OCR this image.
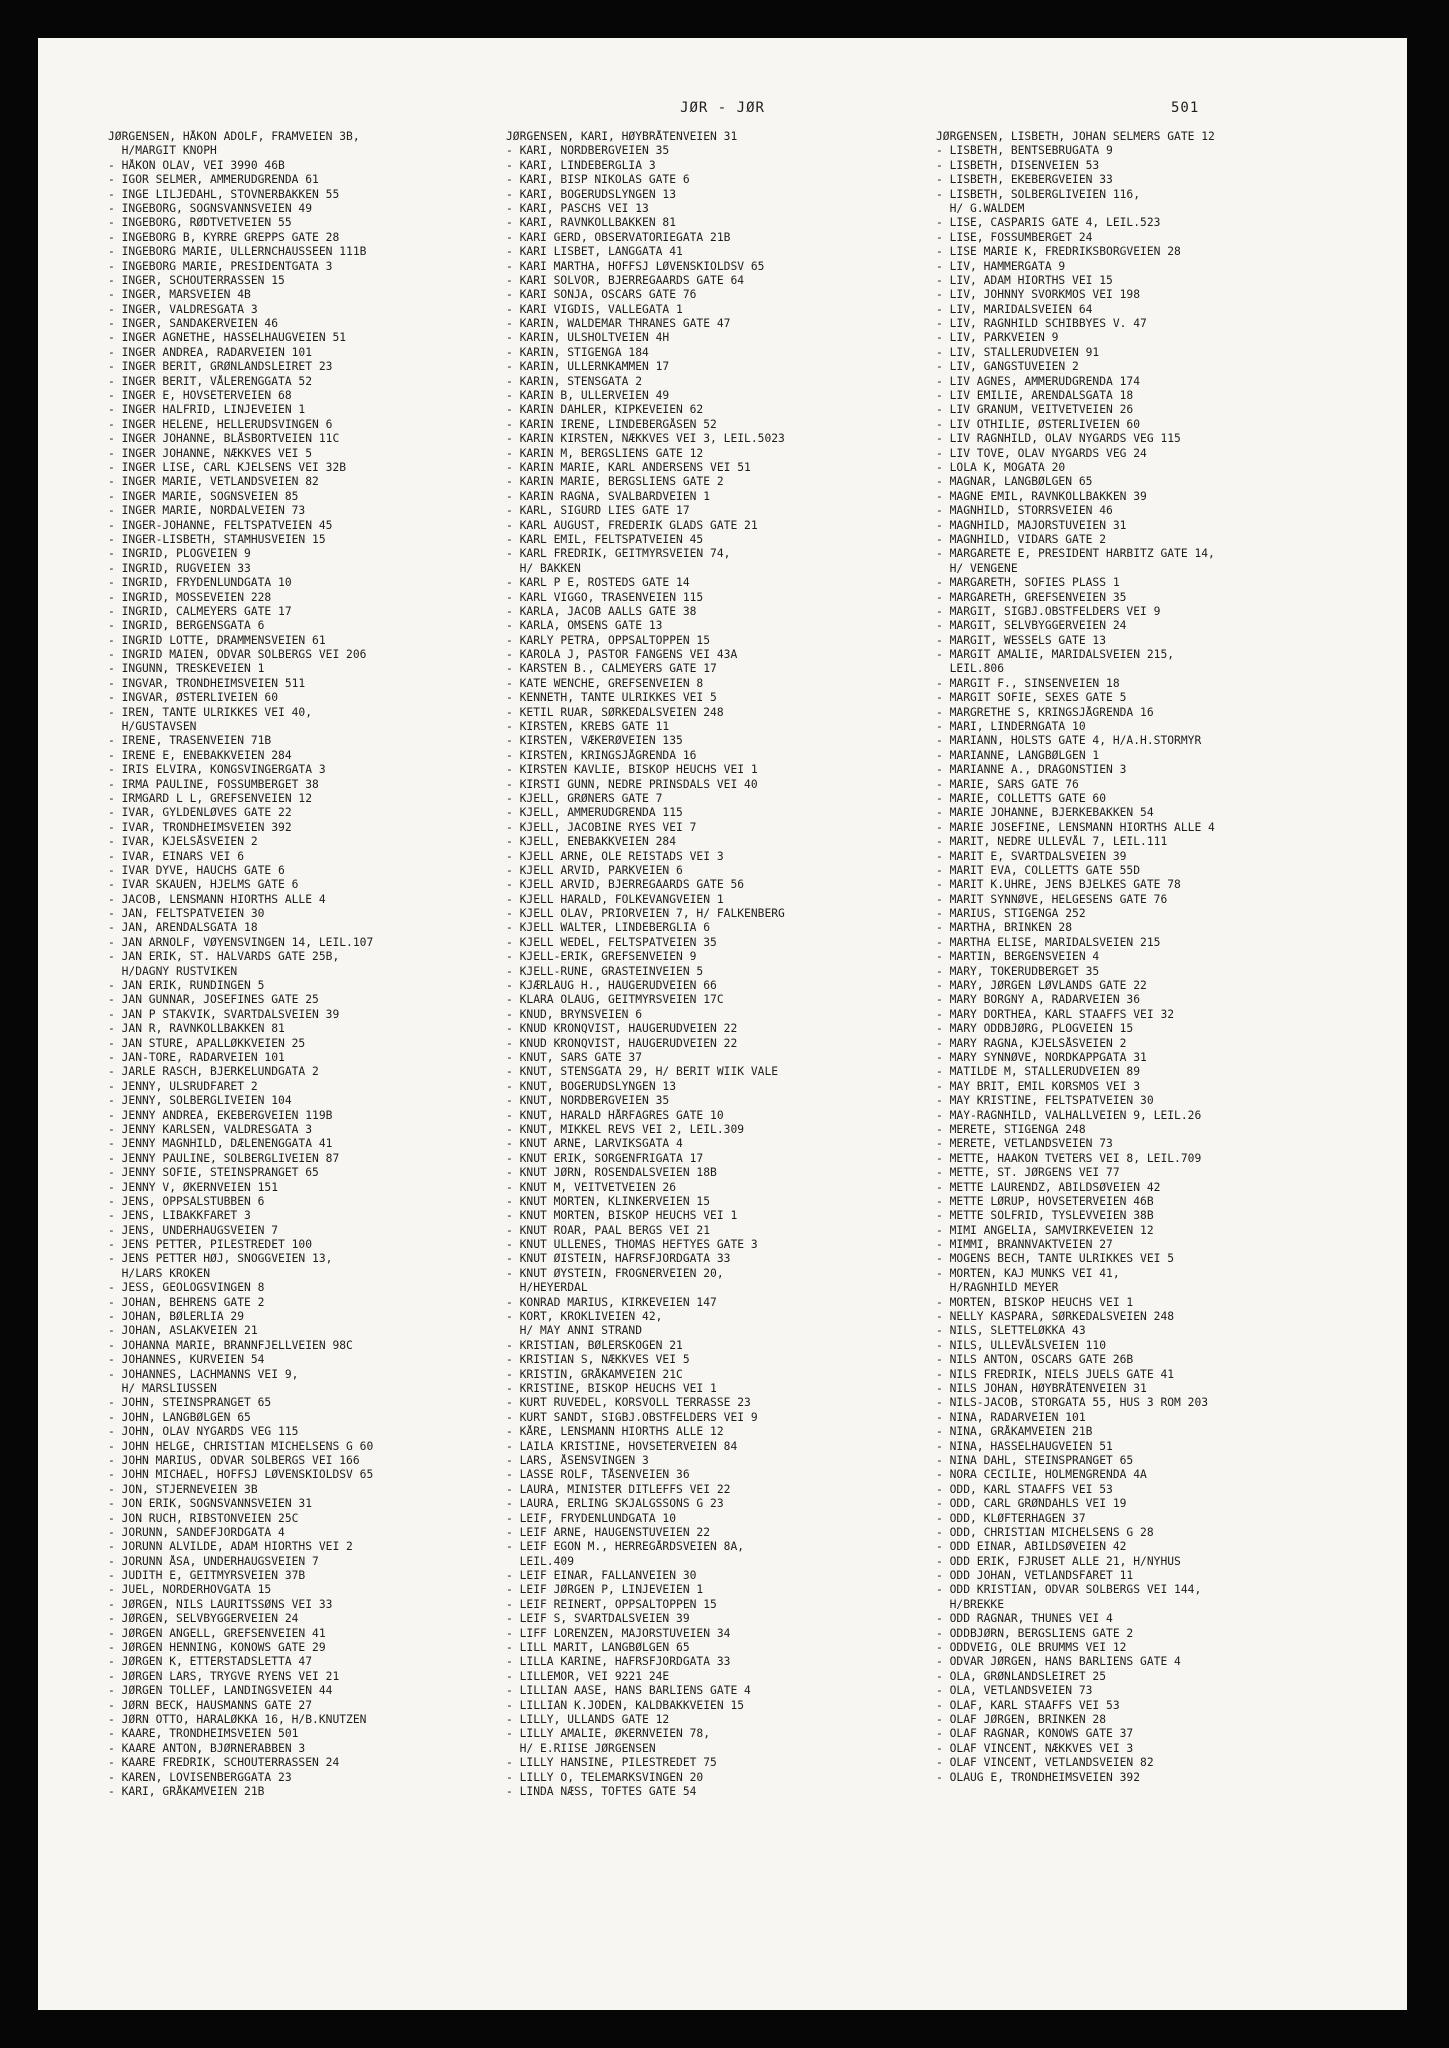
JØR - JØR	501
JØRGENSEN, HÅKON ADOLF, FRAMVEIEN 3B,
H/MARGIT KNOPH
- HÅKON OLAV, VEI 3990 46B
- IGOR SELMER, AMMERUDGRENDA 61
- INGE LILJEDAHL, STOVNERBAKKEN 55
- INGEBORG, SOGNSVANNSVEIEN 49
- INGEBORG, RØDTVETVEIEN 55
- INGEBORG B, KYRRE GREPPS GATE 28
- INGEBORG MARIE, ULLERNCHAUSSEEN 111B
- INGEBORG MARIE, PRESIDENTGATA 3
- INGER, SCHOUTERRASSEN 15
- INGER, MARSVEIEN 4B
- INGER, VALDRESGATA 3
- INGER, SANDAKERVEIEN 46
- INGER AGNETHE, HASSELHAUGVEIEN 51
- INGER ANDREA, RADARVEIEN 101
- INGER BERIT, GRØNLANDSLEIRET 23
- INGER BERIT, VÅLERENGGATA 52
- INGER E, HOVSETERVEIEN 68
- INGER HALFRID, LINJEVEIEN 1
- INGER HELENE, HELLERUDSVINGEN 6
- INGER JOHANNE, BLÅSBORTVEIEN 11C
- INGER JOHANNE, NÆKKVES VEI 5
- INGER LISE, CARL KJELSENS VEI 32B
- INGER MARIE, VETLANDSVEIEN 82
- INGER MARIE, SOGNSVEIEN 85
- INGER MARIE, NORDALVEIEN 73
- INGER-JOHANNE, FELTSPATVEIEN 45
- INGER-LISBETH, STAMHUSVEIEN 15
- INGRID, PLOGVEIEN 9
- INGRID, RUGVEIEN 33
- INGRID, FRYDENLUNDGATA 10
- INGRID, MOSSEVEIEN 228
- INGRID, CALMEYERS GATE 17
- INGRID, BERGENSGATA 6
- INGRID LOTTE, DRAMMENSVEIEN 61
- INGRID MAIEN, ODVAR SOLBERGS VEI 206
- INGUNN, TRESKEVEIEN 1
- INGVAR, TRONDHEIMSVEIEN 511
- INGVAR, ØSTERLIVEIEN 60
- IREN, TANTE ULRIKKES VEI 40,
H/GUSTAVSEN
- IRENE, TRASENVEIEN 71B
- IRENE E, ENEBAKKVEIEN 284
- IRIS ELVIRA, KONGSVINGERGATA 3
- IRMA PAULINE, FOSSUMBERGET 38
- IRMGARD L L, GREFSENVEIEN 12
- IVAR, GYLDENLØVES GATE 22
- IVAR, TRONDHEIMSVEIEN 392
- IVAR, KJELSÅSVEIEN 2
- IVAR, EINARS VEI 6
- IVAR DYVE, HAUCHS GATE 6
- IVAR SKAUEN, HJELMS GATE 6
- JACOB, LENSMANN HIORTHS ALLE 4
- JAN, FELTSPATVEIEN 30
- JAN, ARENDALSGATA 18
- JAN ARNOLF, VØYENSVINGEN 14, LEIL.107
- JAN ERIK, ST. HALVARDS GATE 25B,
H/DAGNY RUSTVIKEN
- JAN ERIK, RUNDINGEN 5
- JAN GUNNAR, JOSEFINES GATE 25
- JAN P STAKVIK, SVARTDALSVEIEN 39
- JAN R, RAVNKOLLBAKKEN 81
- JAN STURE, APALLØKKVEIEN 25
- JAN-TORE, RADARVEIEN 101
- JARLE RASCH, BJERKELUNDGATA 2
- JENNY, ULSRUDFARET 2
- JENNY, SOLBERGLIVEIEN 104
- JENNY ANDREA, EKEBERGVEIEN 119B
- JENNY KARLSEN, VALDRESGATA 3
- JENNY MAGNHILD, DÆLENENGGATA 41
- JENNY PAULINE, SOLBERGLIVEIEN 87
- JENNY SOFIE, STEINSPRANGET 65
- JENNY V, ØKERNVEIEN 151
- JENS, OPPSALSTUBBEN 6
- JENS, LIBAKKFARET 3
- JENS, UNDERHAUGSVEIEN 7
- JENS PETTER, PILESTREDET 100
- JENS PETTER HØJ, SNOGGVEIEN 13,
H/LARS KROKEN
- JESS, GEOLOGSVINGEN 8
- JOHAN, BEHRENS GATE 2
- JOHAN, BØLERLIA 29
- JOHAN, ASLAKVEIEN 21
- JOHANNA MARIE, BRANNFJELLVEIEN 98C
- JOHANNES, KURVEIEN 54
- JOHANNES, LACHMANNS VEI 9,
H/ MARSLIUSSEN
- JOHN, STEINSPRANGET 65
- JOHN, LANGBØLGEN 65
- JOHN, OLAV NYGARDS VEG 115
- JOHN HELGE, CHRISTIAN MICHELSENS G 60
- JOHN MARIUS, ODVAR SOLBERGS VEI 166
- JOHN MICHAEL, HOFFSJ LØVENSKIOLDSV 65
- JON, STJERNEVEIEN 3B
- JON ERIK, SOGNSVANNSVEIEN 31
- JON RUCH, RIBSTONVEIEN 25C
- JORUNN, SANDEFJORDGATA 4
- JORUNN ALVILDE, ADAM HIORTHS VEI 2
- JORUNN ÅSA, UNDERHAUGSVEIEN 7
- JUDITH E, GEITMYRSVEIEN 37B
- JUEL, NORDERHOVGATA 15
- JØRGEN, NILS LAURITSSØNS VEI 33
- JØRGEN, SELVBYGGERVEIEN 24
- JØRGEN ANGELL, GREFSENVEIEN 41
- JØRGEN HENNING, KONOWS GATE 29
- JØRGEN K, ETTERSTADSLETTA 47
- JØRGEN LARS, TRYGVE RYENS VEI 21
- JØRGEN TOLLEF, LANDINGSVEIEN 44
- JØRN BECK, HAUSMANNS GATE 27
- JØRN OTTO, HARALØKKA 16, H/B.KNUTZEN
- KAARE, TRONDHEIMSVEIEN 501
- KAARE ANTON, BJØRNERABBEN 3
- KAARE FREDRIK, SCHOUTERRASSEN 24
- KAREN, LOVISENBERGGATA 23
- KARI, GRÅKAMVEIEN 21B
JØRGENSEN, KARI, HØYBRÅTENVEIEN 31
- KARI, NORDBERGVEIEN 35
- KARI, LINDEBERGLIA 3
- KARI, BISP NIKOLAS GATE 6
- KARI, BOGERUDSLYNGEN 13
- KARI, PASCHS VEI 13
- KARI, RAVNKOLLBAKKEN 81
- KARI GERD, OBSERVATORIEGATA 21B
- KARI LISBET, LANGGATA 41
- KARI MARTHA, HOFFSJ LØVENSKIOLDSV 65
- KARI SOLVOR, BJERREGAARDS GATE 64
- KARI SONJA, OSCARS GATE 76
- KARI VIGDIS, VALLEGATA 1
- KARIN, WALDEMAR THRANES GATE 47
- KARIN, ULSHOLTVEIEN 4H
- KARIN, STIGENGA 184
- KARIN, ULLERNKAMMEN 17
- KARIN, STENSGATA 2
- KARIN B, ULLERVEIEN 49
- KARIN DAHLER, KIPKEVEIEN 62
- KARIN IRENE, LINDEBERGÅSEN 52
- KARIN KIRSTEN, NÆKKVES VEI 3, LEIL.5023
- KARIN M, BERGSLIENS GATE 12
- KARIN MARIE, KARL ANDERSENS VEI 51
- KARIN MARIE, BERGSLIENS GATE 2
- KARIN RAGNA, SVALBARDVEIEN 1
- KARL, SIGURD LIES GATE 17
- KARL AUGUST, FREDERIK GLADS GATE 21
- KARL EMIL, FELTSPATVEIEN 45
- KARL FREDRIK, GEITMYRSVEIEN 74,
H/ BAKKEN
- KARL P E, ROSTEDS GATE 14
- KARL VIGGO, TRASENVEIEN 115
- KARLA, JACOB AALLS GATE 38
- KARLA, OMSENS GATE 13
- KARLY PETRA, OPPSALTOPPEN 15
- KAROLA J, PASTOR FANGENS VEI 43A
- KARSTEN B., CALMEYERS GATE 17
- KATE WENCHE, GREFSENVEIEN 8
- KENNETH, TANTE ULRIKKES VEI 5
- KETIL RUAR, SØRKEDALSVEIEN 248
- KIRSTEN, KREBS GATE 11
- KIRSTEN, VÆKERØVEIEN 135
- KIRSTEN, KRINGSJÅGRENDA 16
- KIRSTEN KAVLIE, BISKOP HEUCHS VEI 1
- KIRSTI GUNN, NEDRE PRINSDALS VEI 40
- KJELL, GRØNERS GATE 7
- KJELL, AMMERUDGRENDA 115
- KJELL, JACOBINE RYES VEI 7
- KJELL, ENEBAKKVEIEN 284
- KJELL ARNE, OLE REISTADS VEI 3
- KJELL ARVID, PARKVEIEN 6
- KJELL ARVID, BJERREGAARDS GATE 56
- KJELL HARALD, FOLKEVANGVEIEN 1
- KJELL OLAV, PRIORVEIEN 7, H/ FALKENBERG
- KJELL WALTER, LINDEBERGLIA 6
- KJELL WEDEL, FELTSPATVEIEN 35
- KJELL-ERIK, GREFSENVEIEN 9
- KJELL-RUNE, GRASTEINVEIEN 5
- KJÆRLAUG H., HAUGERUDVEIEN 66
- KLARA OLAUG, GEITMYRSVEIEN 17C
- KNUD, BRYNSVEIEN 6
- KNUD KRONQVIST, HAUGERUDVEIEN 22
- KNUD KRONQVIST, HAUGERUDVEIEN 22
- KNUT, SARS GATE 37
- KNUT, STENSGATA 29, H/ BERIT WIIK VALE
- KNUT, BOGERUDSLYNGEN 13
- KNUT, NORDBERGVEIEN 35
- KNUT, HARALD HÅRFAGRES GATE 10
- KNUT, MIKKEL REVS VEI 2, LEIL.309
- KNUT ARNE, LARVIKSGATA 4
- KNUT ERIK, SORGENFRIGATA 17
- KNUT JØRN, ROSENDALSVEIEN 18B
- KNUT M, VEITVETVEIEN 26
- KNUT MORTEN, KLINKERVEIEN 15
- KNUT MORTEN, BISKOP HEUCHS VEI 1
- KNUT ROAR, PAAL BERGS VEI 21
- KNUT ULLENES, THOMAS HEFTYES GATE 3
- KNUT ØISTEIN, HAFRSFJORDGATA 33
- KNUT ØYSTEIN, FROGNERVEIEN 20,
H/HEYERDAL
- KONRAD MARIUS, KIRKEVEIEN 147
- KORT, KROKLIVEIEN 42,
H/ MAY ANNI STRAND
- KRISTIAN, BØLERSKOGEN 21
- KRISTIAN S, NÆKKVES VEI 5
- KRISTIN, GRÅKAMVEIEN 21C
- KRISTINE, BISKOP HEUCHS VEI 1
- KURT RUVEDEL, KORSVOLL TERRASSE 23
- KURT SANDT, SIGBJ.OBSTFELDERS VEI 9
- KÅRE, LENSMANN HIORTHS ALLE 12
- LAILA KRISTINE, HOVSETERVEIEN 84
- LARS, ÅSENSVINGEN 3
- LASSE ROLF, TÅSENVEIEN 36
- LAURA, MINISTER DITLEFFS VEI 22
- LAURA, ERLING SKJALGSSONS G 23
- LEIF, FRYDENLUNDGATA 10
- LEIF ARNE, HAUGENSTUVEIEN 22
- LEIF EGON M., HERREGÅRDSVEIEN 8A,
LEIL.409
- LEIF EINAR, FALLANVEIEN 30
- LEIF JØRGEN P, LINJEVEIEN 1
- LEIF REINERT, OPPSALTOPPEN 15
- LEIF S, SVARTDALSVEIEN 39
- LIFF LORENZEN, MAJORSTUVEIEN 34
- LILL MARIT, LANGBØLGEN 65
- LILLA KARINE, HAFRSFJORDGATA 33
- LILLEMOR, VEI 9221 24E
- LILLIAN AASE, HANS BARLIENS GATE 4
- LILLIAN K.JODEN, KALDBAKKVEIEN 15
- LILLY, ULLANDS GATE 12
- LILLY AMALIE, ØKERNVEIEN 78,
H/ E.RIISE JØRGENSEN
- LILLY HANSINE, PILESTREDET 75
- LILLY O, TELEMARKSVINGEN 20
- LINDA NÆSS, TOFTES GATE 54
JØRGENSEN, LISBETH, JOHAN SELMERS GATE 12
- LISBETH, BENTSEBRUGATA 9
- LISBETH, DISENVEIEN 53
- LISBETH, EKEBERGVEIEN 33
- LISBETH, SOLBERGLIVEIEN 116,
H/ G.WALDEM
- LISE, CASPARIS GATE 4, LEIL.523
- LISE, FOSSUMBERGET 24
- LISE MARIE K, FREDRIKSBORGVEIEN 28
- LIV, HAMMERGATA 9
- LIV, ADAM HIORTHS VEI 15
- LIV, JOHNNY SVORKMOS VEI 198
- LIV, MARIDALSVEIEN 64
- LIV, RAGNHILD SCHIBBYES V. 47
- LIV, PARKVEIEN 9
- LIV, STALLERUDVEIEN 91
- LIV, GANGSTUVEIEN 2
- LIV AGNES, AMMERUDGRENDA 174
- LIV EMILIE, ARENDALSGATA 18
- LIV GRANUM, VEITVETVEIEN 26
- LIV OTHILIE, ØSTERLIVEIEN 60
- LIV RAGNHILD, OLAV NYGARDS VEG 115
- LIV TOVE, OLAV NYGARDS VEG 24
- LOLA K, MOGATA 20
- MAGNAR, LANGBØLGEN 65
- MAGNE EMIL, RAVNKOLLBAKKEN 39
- MAGNHILD, STORRSVEIEN 46
- MAGNHILD, MAJORSTUVEIEN 31
- MAGNHILD, VIDARS GATE 2
- MARGARETE E, PRESIDENT HARBITZ GATE 14,
H/ VENGENE
- MARGARETH, SOFIES PLASS 1
- MARGARETH, GREFSENVEIEN 35
- MARGIT, SIGBJ.OBSTFELDERS VEI 9
- MARGIT, SELVBYGGERVEIEN 24
- MARGIT, WESSELS GATE 13
- MARGIT AMALIE, MARIDALSVEIEN 215,
LEIL.806
- MARGIT F., SINSENVEIEN 18
- MARGIT SOFIE, SEXES GATE 5
- MARGRETHE S, KRINGSJÅGRENDA 16
- MARI, LINDERNGATA 10
- MARIANN, HOLSTS GATE 4, H/A.H.STORMYR
- MARIANNE, LANGBØLGEN 1
- MARIANNE A., DRAGONSTIEN 3
- MARIE, SARS GATE 76
- MARIE, COLLETTS GATE 60
- MARIE JOHANNE, BJERKEBAKKEN 54
- MARIE JOSEFINE, LENSMANN HIORTHS ALLE 4
- MARIT, NEDRE ULLEVÅL 7, LEIL.111
- MARIT E, SVARTDALSVEIEN 39
- MARIT EVA, COLLETTS GATE 55D
- MARIT K.UHRE, JENS BJELKES GATE 78
- MARIT SYNNØVE, HELGESENS GATE 76
- MARIUS, STIGENGA 252
- MARTHA, BRINKEN 28
- MARTHA ELISE, MARIDALSVEIEN 215
- MARTIN, BERGENSVEIEN 4
- MARY, TOKERUDBERGET 35
- MARY, JØRGEN LØVLANDS GATE 22
- MARY BORGNY A, RADARVEIEN 36
- MARY DORTHEA, KARL STAAFFS VEI 32
- MARY ODDBJØRG, PLOGVEIEN 15
- MARY RAGNA, KJELSÅSVEIEN 2
- MARY SYNNØVE, NORDKAPPGATA 31
- MATILDE M, STALLERUDVEIEN 89
- MAY BRIT, EMIL KORSMOS VEI 3
- MAY KRISTINE, FELTSPATVEIEN 30
- MAY-RAGNHILD, VALHALLVEIEN 9, LEIL.26
- MERETE, STIGENGA 248
- MERETE, VETLANDSVEIEN 73
- METTE, HAAKON TVETERS VEI 8, LEIL.709
- METTE, ST. JØRGENS VEI 77
- METTE LAURENDZ, ABILDSØVEIEN 42
- METTE LØRUP, HOVSETERVEIEN 46B
- METTE SOLFRID, TYSLEVVEIEN 38B
- MIMI ANGELIA, SAMVIRKEVEIEN 12
- MIMMI, BRANNVAKTVEIEN 27
- MOGENS BECH, TANTE ULRIKKES VEI 5
- MORTEN, KAJ MUNKS VEI 41,
H/RAGNHILD MEYER
- MORTEN, BISKOP HEUCHS VEI 1
- NELLY KASPARA, SØRKEDALSVEIEN 248
- NILS, SLETTELØKKA 43
- NILS, ULLEVÅLSVEIEN 110
- NILS ANTON, OSCARS GATE 26B
- NILS FREDRIK, NIELS JUELS GATE 41
- NILS JOHAN, HØYBRÅTENVEIEN 31
- NILS-JACOB, STORGATA 55, HUS 3 ROM 203
- NINA, RADARVEIEN 101
- NINA, GRÅKAMVEIEN 21B
- NINA, HASSELHAUGVEIEN 51
- NINA DAHL, STEINSPRANGET 65
- NORA CECILIE, HOLMENGRENDA 4A
- ODD, KARL STAAFFS VEI 53
- ODD, CARL GRØNDAHLS VEI 19
- ODD, KLØFTERHAGEN 37
- ODD, CHRISTIAN MICHELSENS G 28
- ODD EINAR, ABILDSØVEIEN 42
- ODD ERIK, FJRUSET ALLE 21, H/NYHUS
- ODD JOHAN, VETLANDSFARET 11
- ODD KRISTIAN, ODVAR SOLBERGS VEI 144,
H/BREKKE
- ODD RAGNAR, THUNES VEI 4
- ODDBJØRN, BERGSLIENS GATE 2
- ODDVEIG, OLE BRUMMS VEI 12
- ODVAR JØRGEN, HANS BARLIENS GATE 4
- OLA, GRØNLANDSLEIRET 25
- OLA, VETLANDSVEIEN 73
- OLAF, KARL STAAFFS VEI 53
- OLAF JØRGEN, BRINKEN 28
- OLAF RAGNAR, KONOWS GATE 37
- OLAF VINCENT, NÆKKVES VEI 3
- OLAF VINCENT, VETLANDSVEIEN 82
- OLAUG E, TRONDHEIMSVEIEN 392
